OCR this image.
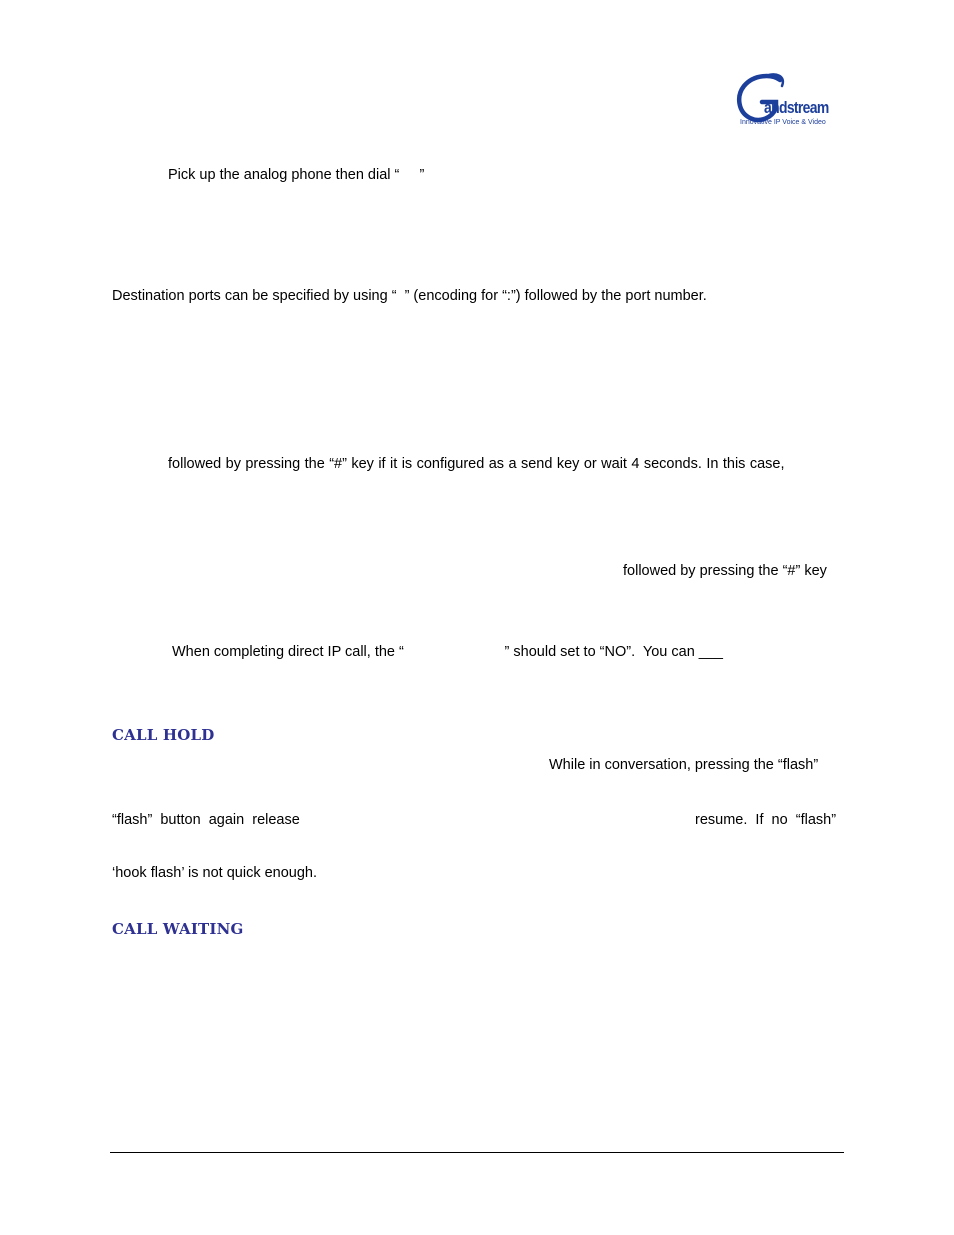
andstream
Innovative IP Voice & Video
Pick up the analog phone then dial “     ”
Destination ports can be specified by using “  ” (encoding for “:”) followed by the port number.
followed by pressing the “#” key if it is configured as a send key or wait 4 seconds. In this case,
followed by pressing the “#” key
When completing direct IP call, the “                         ” should set to “NO”.  You can ___
CALL HOLD
While in conversation, pressing the “flash”
“flash”  button  again  release	resume.  If  no  “flash”
‘hook flash’ is not quick enough.
CALL WAITING
